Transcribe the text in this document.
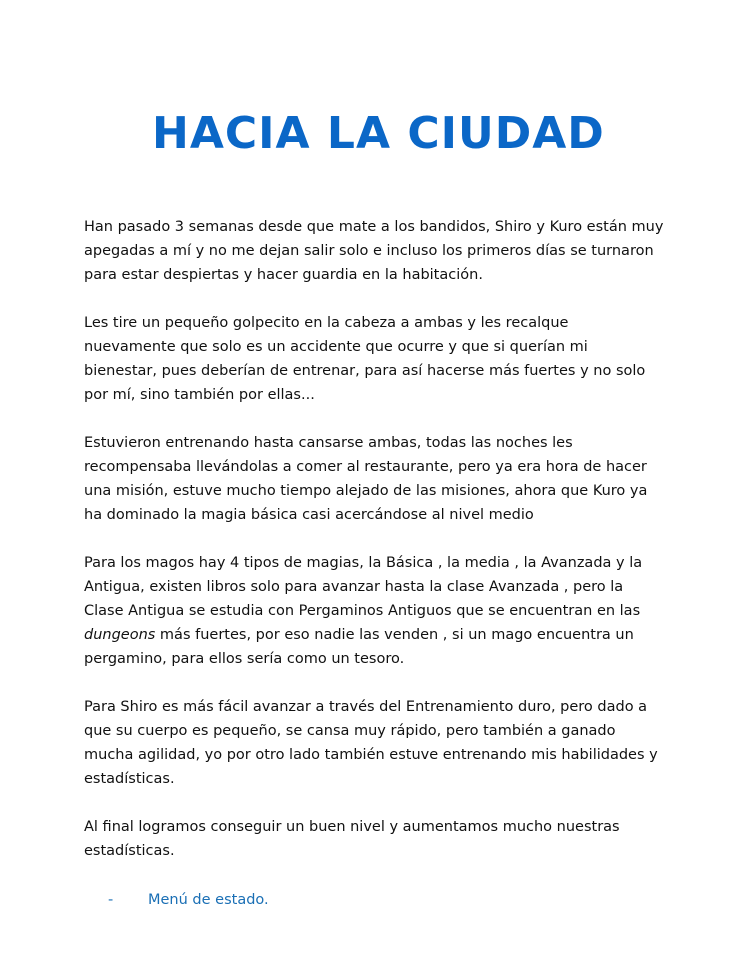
HACIA LA CIUDAD

Han pasado 3 semanas desde que mate a los bandidos, Shiro y Kuro están muy apegadas a mí y no me dejan salir solo e incluso los primeros días se turnaron para estar despiertas y hacer guardia en la habitación.

Les tire un pequeño golpecito en la cabeza a ambas y les recalque nuevamente que solo es un accidente que ocurre y que si querían mi bienestar, pues deberían de entrenar, para así hacerse más fuertes y no solo por mí, sino también por ellas...

Estuvieron entrenando hasta cansarse ambas, todas las noches les recompensaba llevándolas a comer al restaurante, pero ya era hora de hacer una misión, estuve mucho tiempo alejado de las misiones, ahora que Kuro ya ha dominado la magia básica casi acercándose al nivel medio

Para los magos hay 4 tipos de magias, la Básica , la media , la Avanzada y la Antigua, existen libros solo para avanzar hasta la clase Avanzada , pero la Clase Antigua se estudia con Pergaminos Antiguos que se encuentran en las dungeons más fuertes, por eso nadie las venden , si un mago encuentra un pergamino, para ellos sería como un tesoro.

Para Shiro es más fácil avanzar a través del Entrenamiento duro, pero dado a que su cuerpo es pequeño, se cansa muy rápido, pero también a ganado mucha agilidad, yo por otro lado también estuve entrenando mis habilidades y estadísticas.

Al final logramos conseguir un buen nivel y aumentamos mucho nuestras estadísticas.

-	Menú de estado.
